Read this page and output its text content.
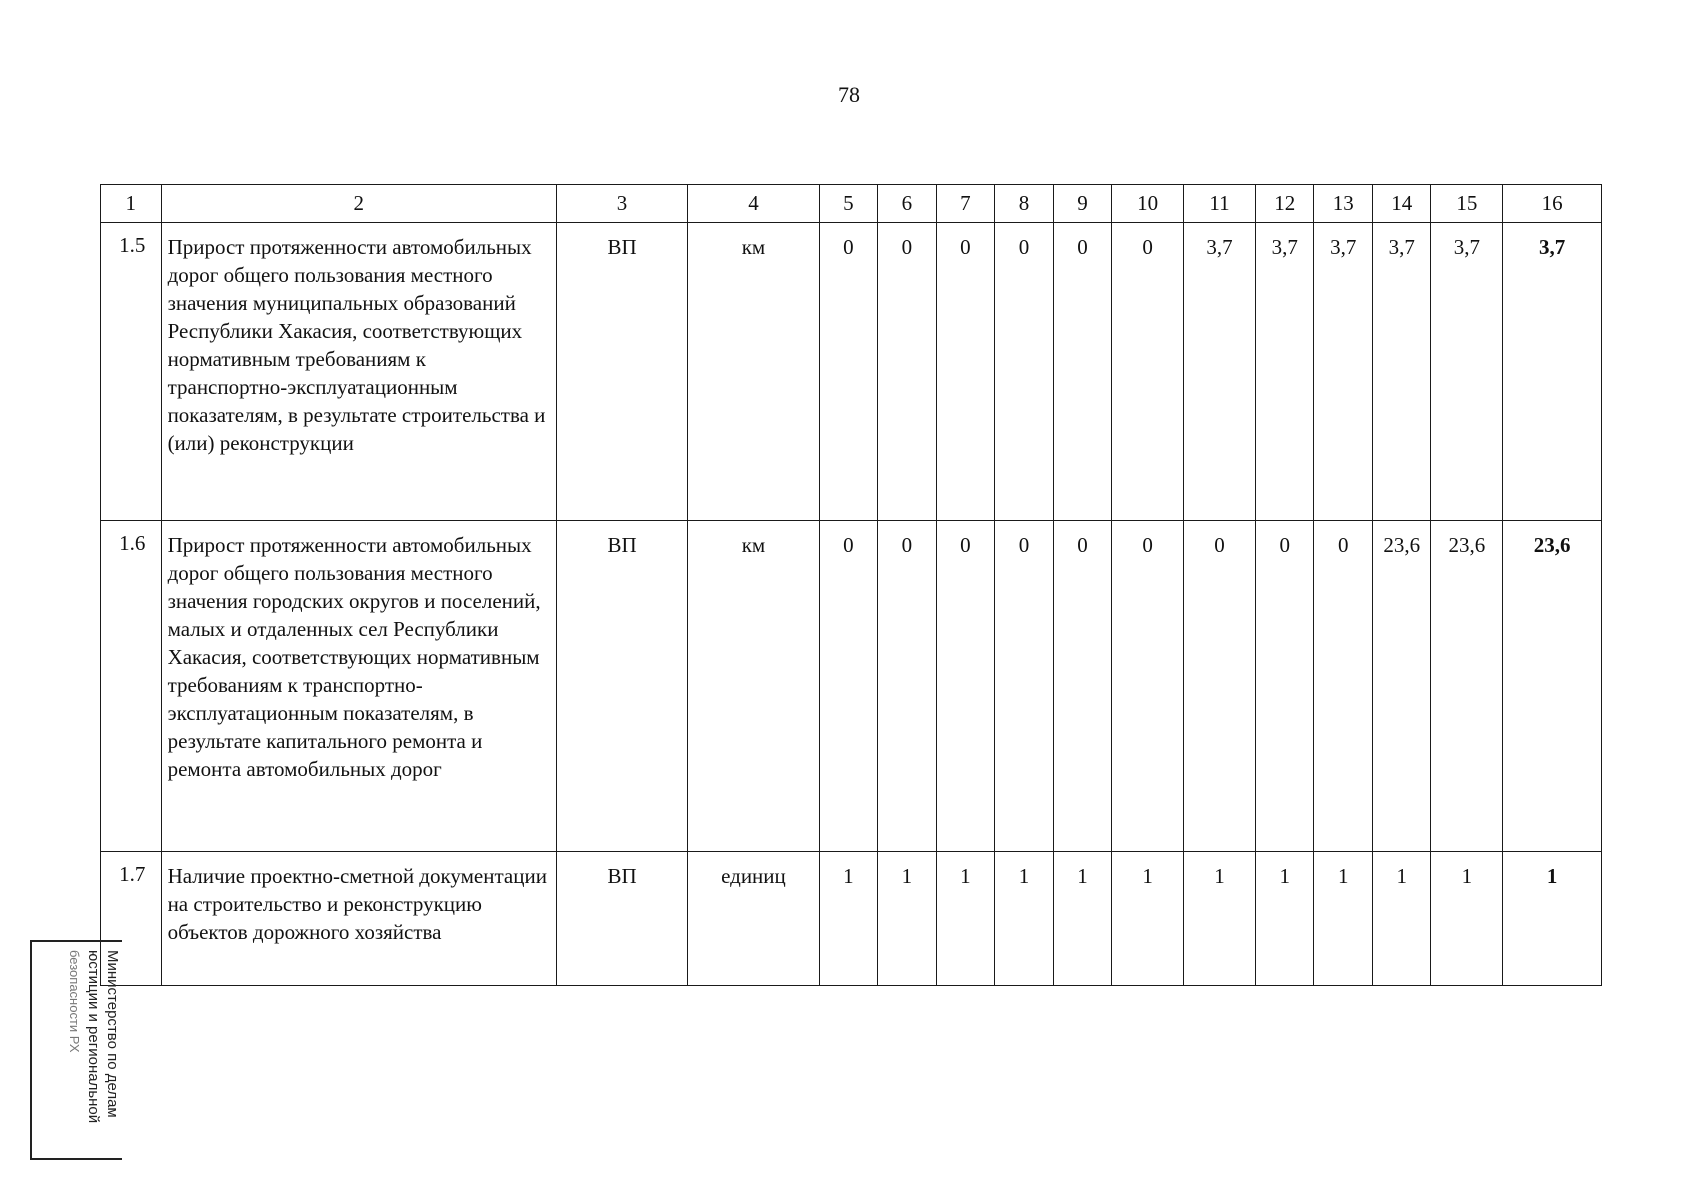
78
1	2	3	4	5	6	7	8	9	10	11	12	13	14	15	16
1.5	Прирост протяженности автомобильных дорог общего пользования местного значения муниципальных образований Республики Хакасия, соответствующих нормативным требованиям к транспортно-эксплуатационным показателям, в результате строительства и (или) реконструкции	ВП	км	0	0	0	0	0	0	3,7	3,7	3,7	3,7	3,7	3,7
1.6	Прирост протяженности автомобильных дорог общего пользования местного значения городских округов и поселений, малых и отдаленных сел Республики Хакасия, соответствующих нормативным требованиям к транспортно-эксплуатационным показателям, в результате капитального ремонта и ремонта автомобильных дорог	ВП	км	0	0	0	0	0	0	0	0	0	23,6	23,6	23,6
1.7	Наличие проектно-сметной документации на строительство и реконструкцию объектов дорожного хозяйства	ВП	единиц	1	1	1	1	1	1	1	1	1	1	1	1
Министерство по делам
юстиции и региональной
безопасности РХ
